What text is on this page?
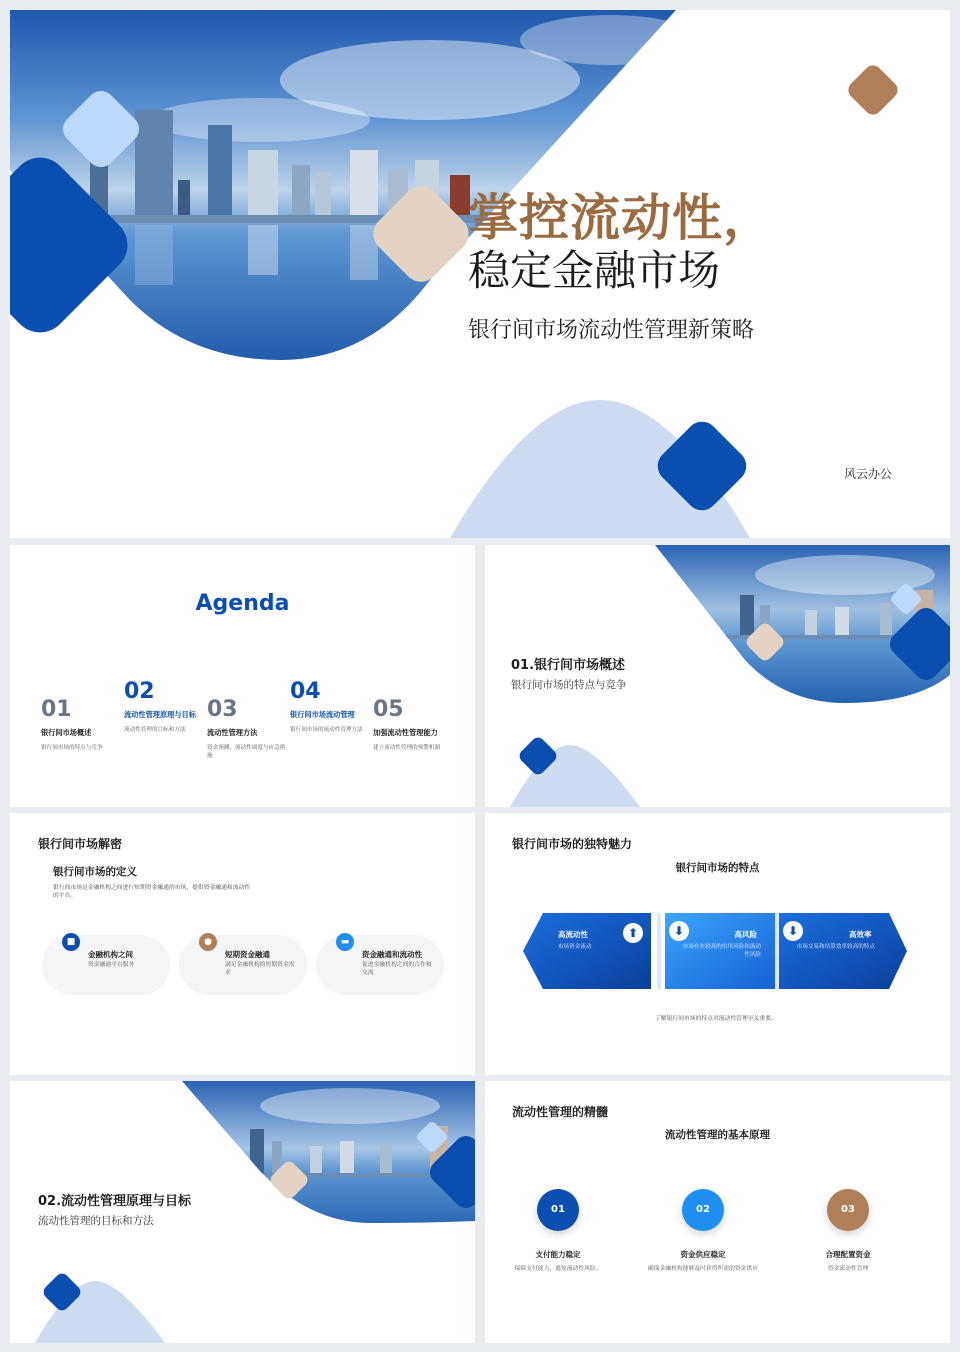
掌控流动性，
稳定金融市场
银行间市场流动性管理新策略
风云办公
Agenda
01
银行间市场概述
银行间市场的特点与竞争
02
流动性管理原理与目标
流动性管理的目标和方法
03
流动性管理方法
资金预测、流动性调度与应急措施
04
银行间市场流动管理
银行间市场的流动性管理方法
05
加强流动性管理能力
建立流动性管理的预警机制
01.银行间市场概述
银行间市场的特点与竞争
银行间市场解密
银行间市场的定义
银行间市场是金融机构之间进行短期资金融通的市场，提供资金融通和流动性的平台。
■
金融机构之间
资金融通平台服务
●
短期资金融通
满足金融机构的短期资金需求
▬
资金融通和流动性
促进金融机构之间的合作和交流
银行间市场的独特魅力
银行间市场的特点
高流动性
市场资金流动
⬆	⬇	高风险
市场存在较高的信用风险和流动性风险
⬇	高效率
市场交易和结算效率较高的特点
了解银行间市场的特点对流动性管理至关重要。
02.流动性管理原理与目标
流动性管理的目标和方法
流动性管理的精髓
流动性管理的基本原理
01
支付能力稳定
保障支付能力，避免流动性风险。
02
资金供应稳定
确保金融机构能够及时获得所需的资金供应
03
合理配置资金
资金流动性管理
